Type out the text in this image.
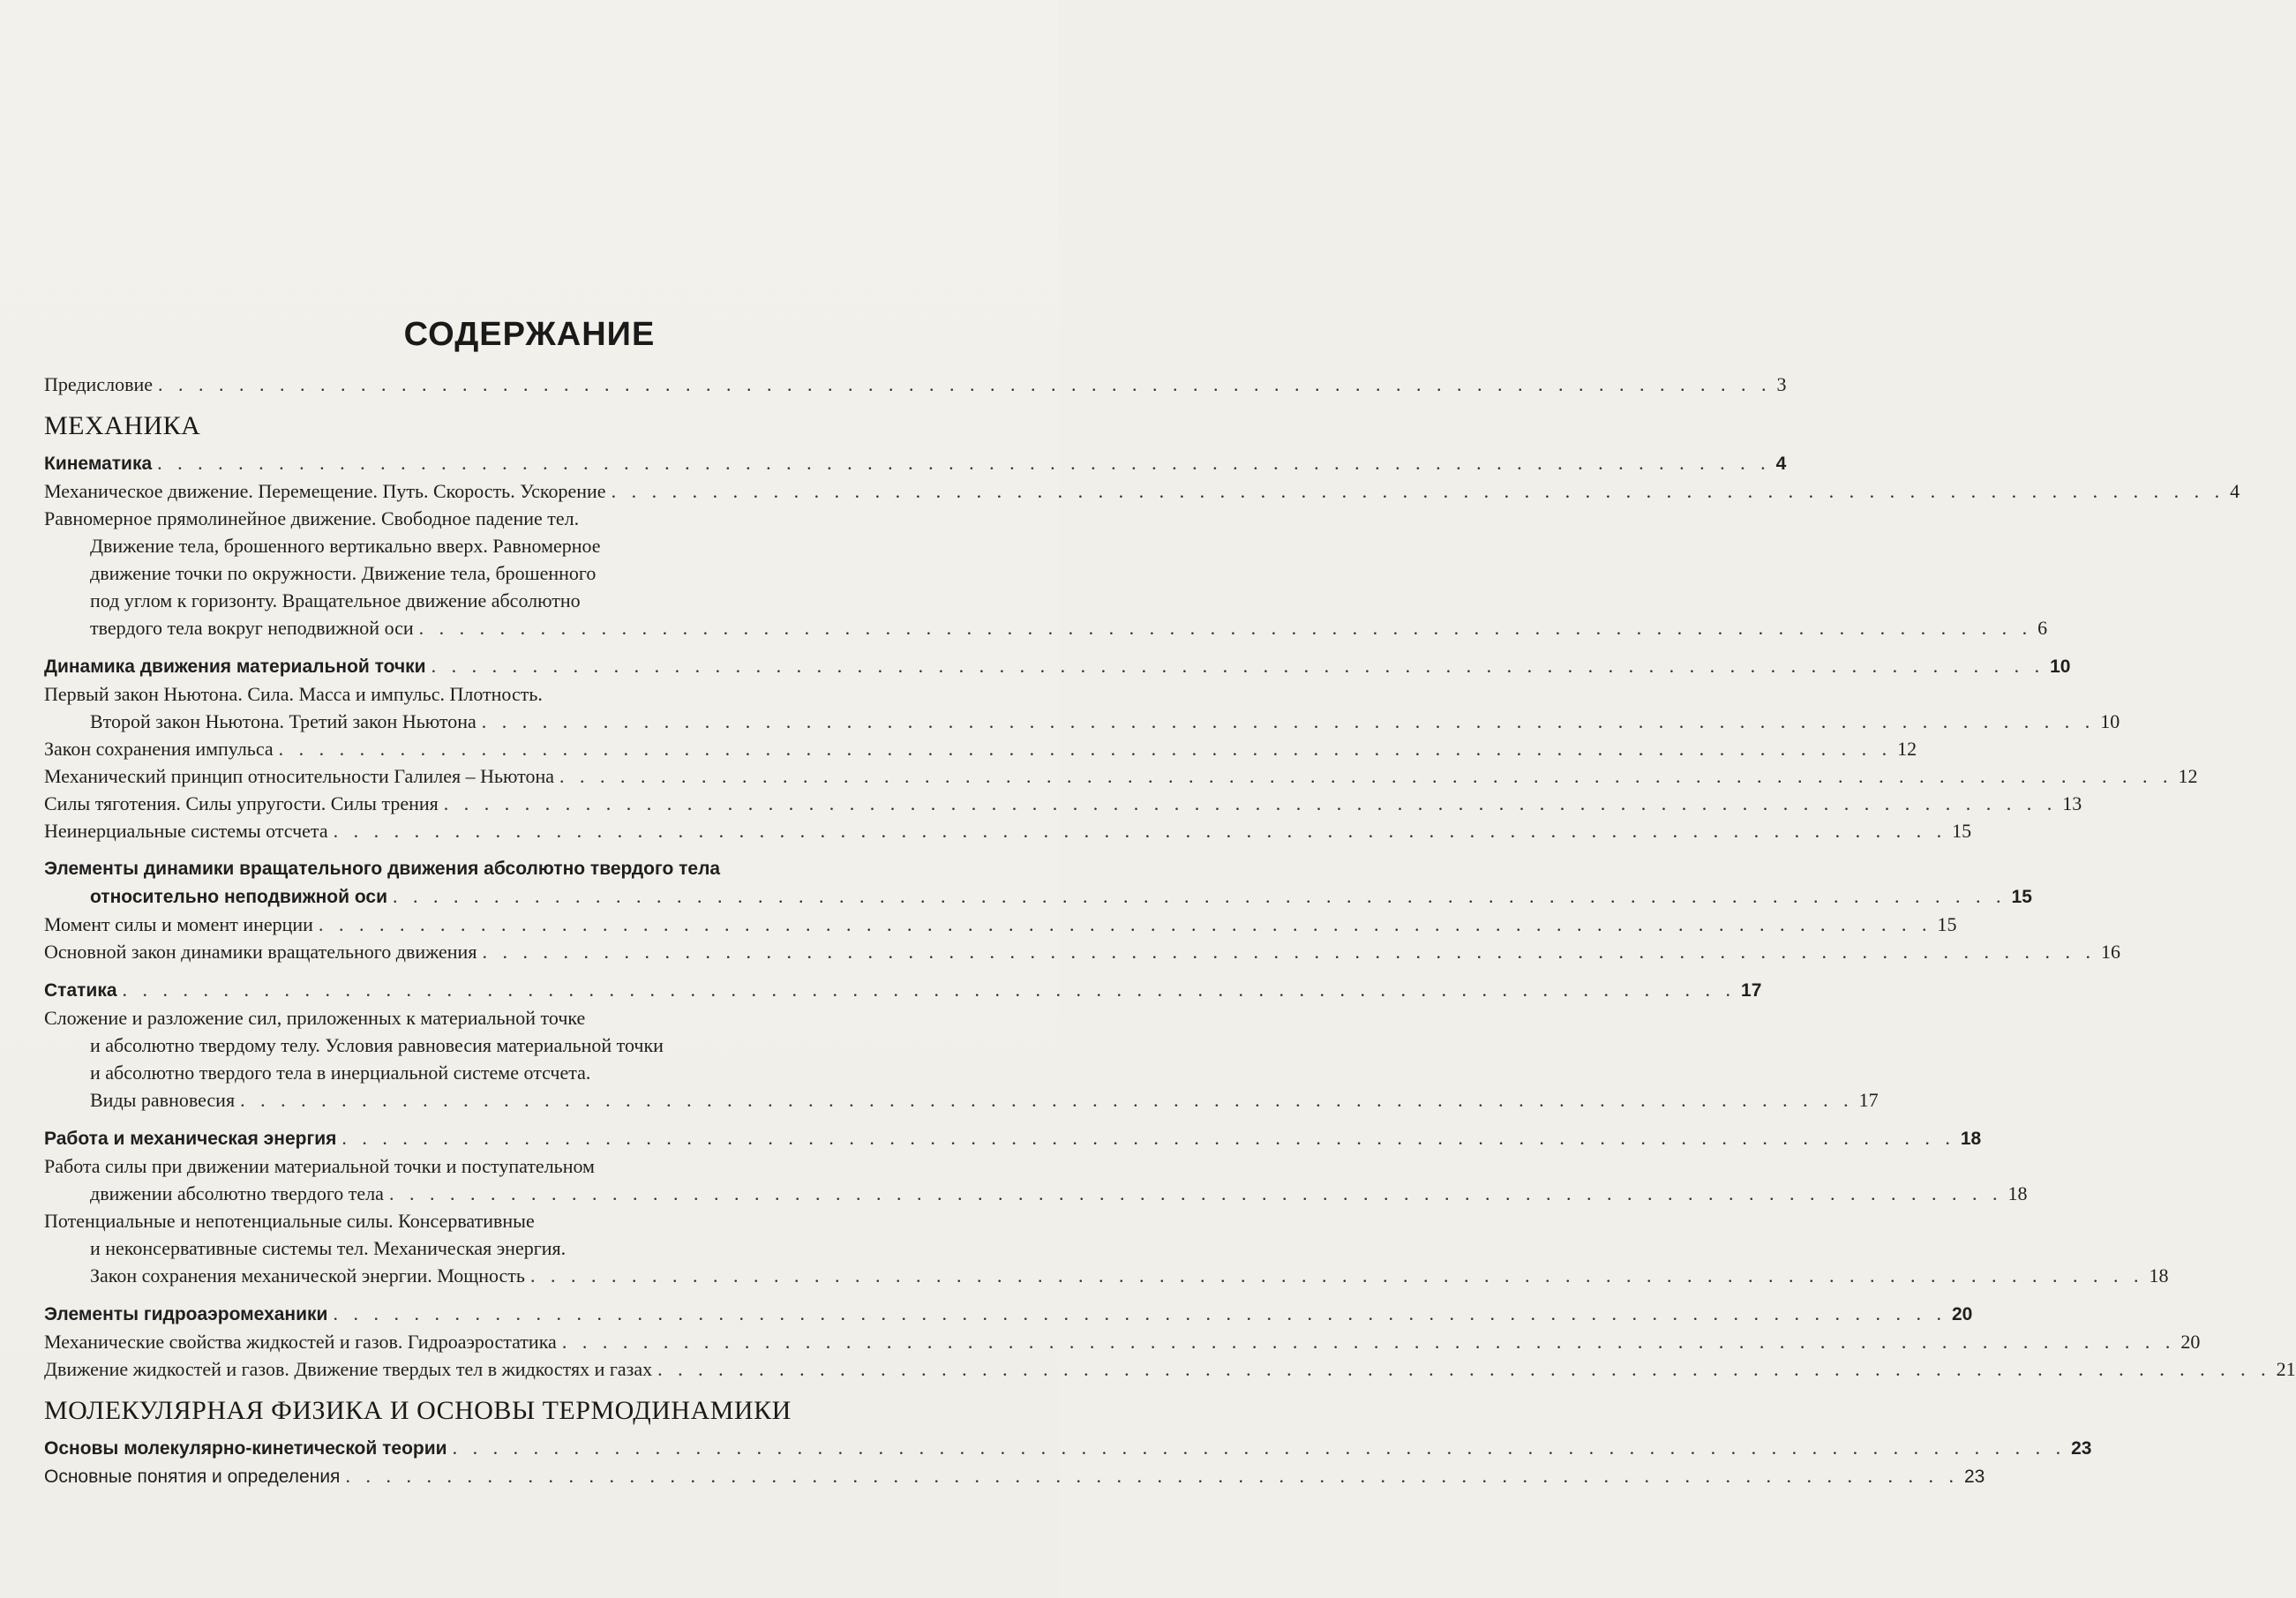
СОДЕРЖАНИЕ
Предисловие . . . . . . . . . . . . . . . . . . . . . . . . . . . . . . . . . . . . . . . . . . . . . . . . . . . . . . . . . . . . . . . . . . . . . . . . . . . . . . . . 3
МЕХАНИКА
Кинематика . . . . . . . . . . . . . . . . . . . . . . . . . . . . . . . . . . . . . . . . . . . . . . . . . . . . . . . . . . . . . . . . . . . . . . . . . . . . . . . . 4
Механическое движение. Перемещение. Путь. Скорость. Ускорение . . . . . . . . . . . . . . . . . . . . . . . . . . . . . . . . . . . . . . . . . . . . . . . . . . . . . . . . . . . . . . . . . . . . . . . . . . . . . . . . 4
Равномерное прямолинейное движение. Свободное падение тел.
Движение тела, брошенного вертикально вверх. Равномерное
движение точки по окружности. Движение тела, брошенного
под углом к горизонту. Вращательное движение абсолютно
твердого тела вокруг неподвижной оси . . . . . . . . . . . . . . . . . . . . . . . . . . . . . . . . . . . . . . . . . . . . . . . . . . . . . . . . . . . . . . . . . . . . . . . . . . . . . . . . 6
Динамика движения материальной точки . . . . . . . . . . . . . . . . . . . . . . . . . . . . . . . . . . . . . . . . . . . . . . . . . . . . . . . . . . . . . . . . . . . . . . . . . . . . . . . . 10
Первый закон Ньютона. Сила. Масса и импульс. Плотность.
Второй закон Ньютона. Третий закон Ньютона . . . . . . . . . . . . . . . . . . . . . . . . . . . . . . . . . . . . . . . . . . . . . . . . . . . . . . . . . . . . . . . . . . . . . . . . . . . . . . . . 10
Закон сохранения импульса . . . . . . . . . . . . . . . . . . . . . . . . . . . . . . . . . . . . . . . . . . . . . . . . . . . . . . . . . . . . . . . . . . . . . . . . . . . . . . . . 12
Механический принцип относительности Галилея – Ньютона . . . . . . . . . . . . . . . . . . . . . . . . . . . . . . . . . . . . . . . . . . . . . . . . . . . . . . . . . . . . . . . . . . . . . . . . . . . . . . . . 12
Силы тяготения. Силы упругости. Силы трения . . . . . . . . . . . . . . . . . . . . . . . . . . . . . . . . . . . . . . . . . . . . . . . . . . . . . . . . . . . . . . . . . . . . . . . . . . . . . . . . 13
Неинерциальные системы отсчета . . . . . . . . . . . . . . . . . . . . . . . . . . . . . . . . . . . . . . . . . . . . . . . . . . . . . . . . . . . . . . . . . . . . . . . . . . . . . . . . 15
Элементы динамики вращательного движения абсолютно твердого тела
относительно неподвижной оси . . . . . . . . . . . . . . . . . . . . . . . . . . . . . . . . . . . . . . . . . . . . . . . . . . . . . . . . . . . . . . . . . . . . . . . . . . . . . . . . 15
Момент силы и момент инерции . . . . . . . . . . . . . . . . . . . . . . . . . . . . . . . . . . . . . . . . . . . . . . . . . . . . . . . . . . . . . . . . . . . . . . . . . . . . . . . . 15
Основной закон динамики вращательного движения . . . . . . . . . . . . . . . . . . . . . . . . . . . . . . . . . . . . . . . . . . . . . . . . . . . . . . . . . . . . . . . . . . . . . . . . . . . . . . . . 16
Статика . . . . . . . . . . . . . . . . . . . . . . . . . . . . . . . . . . . . . . . . . . . . . . . . . . . . . . . . . . . . . . . . . . . . . . . . . . . . . . . . 17
Сложение и разложение сил, приложенных к материальной точке
и абсолютно твердому телу. Условия равновесия материальной точки
и абсолютно твердого тела в инерциальной системе отсчета.
Виды равновесия . . . . . . . . . . . . . . . . . . . . . . . . . . . . . . . . . . . . . . . . . . . . . . . . . . . . . . . . . . . . . . . . . . . . . . . . . . . . . . . . 17
Работа и механическая энергия . . . . . . . . . . . . . . . . . . . . . . . . . . . . . . . . . . . . . . . . . . . . . . . . . . . . . . . . . . . . . . . . . . . . . . . . . . . . . . . . 18
Работа силы при движении материальной точки и поступательном
движении абсолютно твердого тела . . . . . . . . . . . . . . . . . . . . . . . . . . . . . . . . . . . . . . . . . . . . . . . . . . . . . . . . . . . . . . . . . . . . . . . . . . . . . . . . 18
Потенциальные и непотенциальные силы. Консервативные
и неконсервативные системы тел. Механическая энергия.
Закон сохранения механической энергии. Мощность . . . . . . . . . . . . . . . . . . . . . . . . . . . . . . . . . . . . . . . . . . . . . . . . . . . . . . . . . . . . . . . . . . . . . . . . . . . . . . . . 18
Элементы гидроаэромеханики . . . . . . . . . . . . . . . . . . . . . . . . . . . . . . . . . . . . . . . . . . . . . . . . . . . . . . . . . . . . . . . . . . . . . . . . . . . . . . . . 20
Механические свойства жидкостей и газов. Гидроаэростатика . . . . . . . . . . . . . . . . . . . . . . . . . . . . . . . . . . . . . . . . . . . . . . . . . . . . . . . . . . . . . . . . . . . . . . . . . . . . . . . . 20
Движение жидкостей и газов. Движение твердых тел в жидкостях и газах . . . . . . . . . . . . . . . . . . . . . . . . . . . . . . . . . . . . . . . . . . . . . . . . . . . . . . . . . . . . . . . . . . . . . . . . . . . . . . . . 21
МОЛЕКУЛЯРНАЯ ФИЗИКА И ОСНОВЫ ТЕРМОДИНАМИКИ
Основы молекулярно-кинетической теории . . . . . . . . . . . . . . . . . . . . . . . . . . . . . . . . . . . . . . . . . . . . . . . . . . . . . . . . . . . . . . . . . . . . . . . . . . . . . . . . 23
Основные понятия и определения . . . . . . . . . . . . . . . . . . . . . . . . . . . . . . . . . . . . . . . . . . . . . . . . . . . . . . . . . . . . . . . . . . . . . . . . . . . . . . . . 23
